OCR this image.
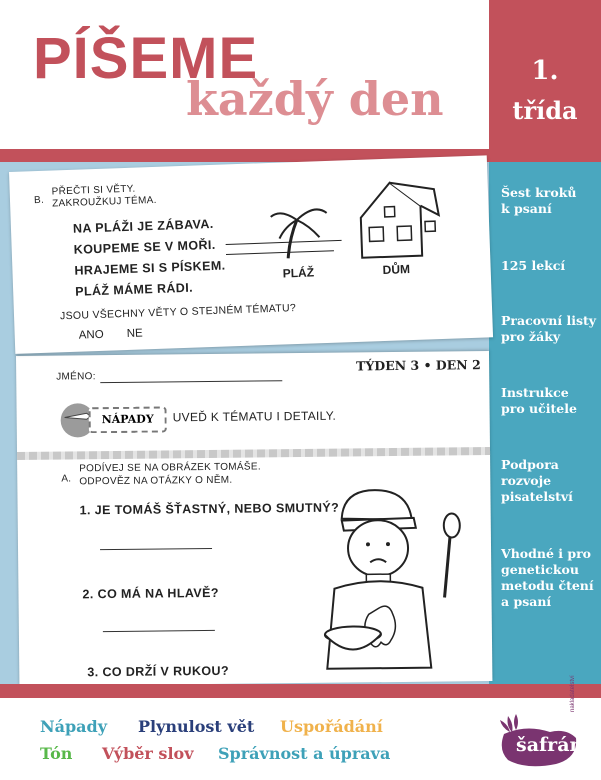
PÍŠEME
každý den
1.
třída
Šest kroků
k psaní
125 lekcí
Pracovní listy
pro žáky
Instrukce
pro učitele
Podpora
rozvoje
pisatelství
Vhodné i pro
genetickou
metodu čtení
a psaní
JMÉNO:
TÝDEN 3 • DEN 2
NÁPADY	UVEĎ K TÉMATU I DETAILY.
A.
PODÍVEJ SE NA OBRÁZEK TOMÁŠE.
ODPOVĚZ NA OTÁZKY O NĚM.
1. JE TOMÁŠ ŠŤASTNÝ, NEBO SMUTNÝ?
2. CO MÁ NA HLAVĚ?
3. CO DRŽÍ V RUKOU?
B.
PŘEČTI SI VĚTY.
ZAKROUŽKUJ TÉMA.
NA PLÁŽI JE ZÁBAVA.
KOUPEME SE V MOŘI.
HRAJEME SI S PÍSKEM.
PLÁŽ MÁME RÁDI.
PLÁŽ	DŮM
JSOU VŠECHNY VĚTY O STEJNÉM TÉMATU?
ANO NE
Nápady Plynulost vět Uspořádání
Tón Výběr slov Správnost a úprava	šafrán
nakladatelství
